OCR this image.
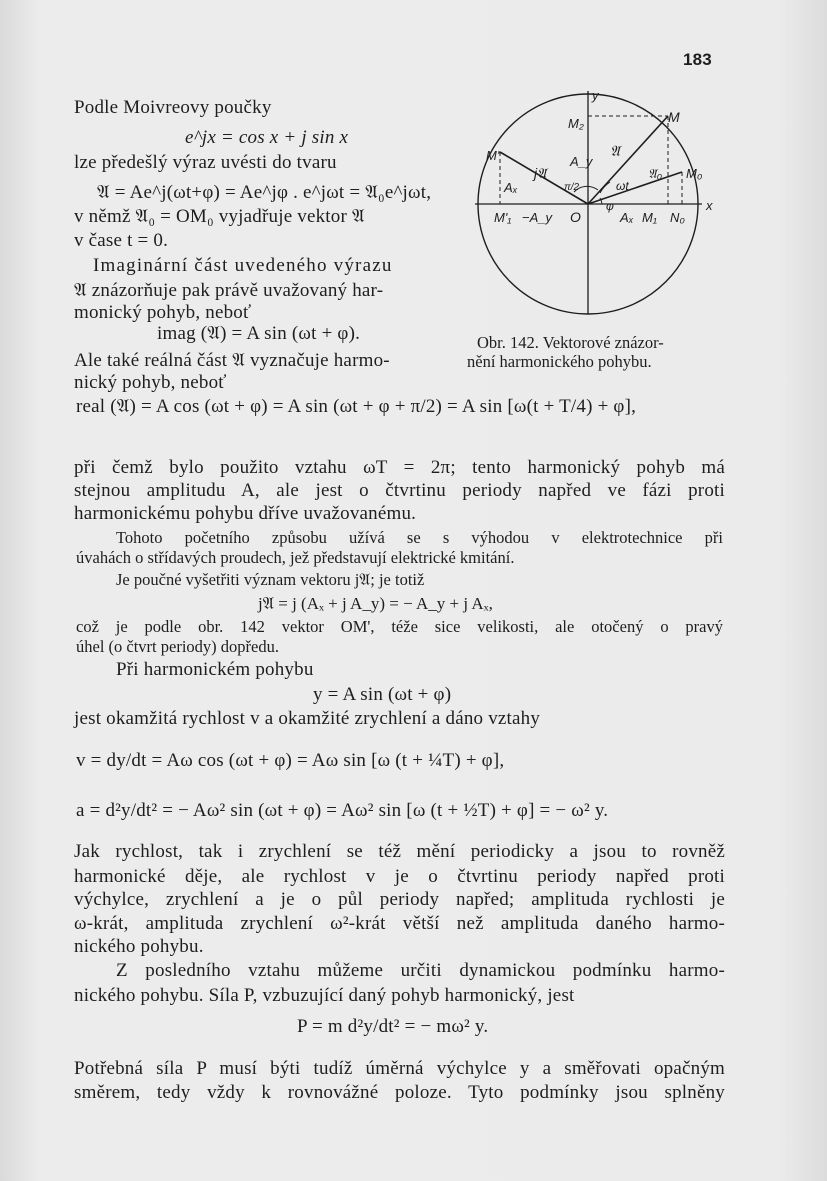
183
Podle Moivreovy poučky
e^jx = cos x + j sin x
lze předešlý výraz uvésti do tvaru
𝔄 = Ae^j(ωt+φ) = Ae^jφ . e^jωt = 𝔄₀e^jωt,
v němž 𝔄₀ = OM₀ vyjadřuje vektor 𝔄
v čase t = 0.
Imaginární část uvedeného výrazu
𝔄 znázorňuje pak právě uvažovaný har-
monický pohyb, neboť
imag (𝔄) = A sin (ωt + φ).
Ale také reálná část 𝔄 vyznačuje harmo-
nický pohyb, neboť
y
x
M
M₂
M'
M₀
M₁
M'₁	N₀
O	Aₓ
−A_y
A_y
Aₓ
𝔄
j𝔄	𝔄₀
ωt
φ
π/2
Obr. 142. Vektorové znázor-
nění harmonického pohybu.
real (𝔄) = A cos (ωt + φ) = A sin (ωt + φ + π/2) = A sin [ω(t + T/4) + φ],
při čemž bylo použito vztahu ωT = 2π; tento harmonický pohyb má
stejnou amplitudu A, ale jest o čtvrtinu periody napřed ve fázi proti
harmonickému pohybu dříve uvažovanému.
Tohoto početního způsobu užívá se s výhodou v elektrotechnice při
úvahách o střídavých proudech, jež představují elektrické kmitání.
Je poučné vyšetřiti význam vektoru j𝔄; je totiž
j𝔄 = j (Aₓ + j A_y) = − A_y + j Aₓ,
což je podle obr. 142 vektor OM', téže sice velikosti, ale otočený o pravý
úhel (o čtvrt periody) dopředu.
Při harmonickém pohybu
y = A sin (ωt + φ)
jest okamžitá rychlost v a okamžité zrychlení a dáno vztahy
v = dy/dt = Aω cos (ωt + φ) = Aω sin [ω (t + ¼T) + φ],
a = d²y/dt² = − Aω² sin (ωt + φ) = Aω² sin [ω (t + ½T) + φ] = − ω² y.
Jak rychlost, tak i zrychlení se též mění periodicky a jsou to rovněž
harmonické děje, ale rychlost v je o čtvrtinu periody napřed proti
výchylce, zrychlení a je o půl periody napřed; amplituda rychlosti je
ω-krát, amplituda zrychlení ω²-krát větší než amplituda daného harmo-
nického pohybu.
Z posledního vztahu můžeme určiti dynamickou podmínku harmo-
nického pohybu. Síla P, vzbuzující daný pohyb harmonický, jest
P = m d²y/dt² = − mω² y.
Potřebná síla P musí býti tudíž úměrná výchylce y a směřovati opačným
směrem, tedy vždy k rovnovážné poloze. Tyto podmínky jsou splněny
